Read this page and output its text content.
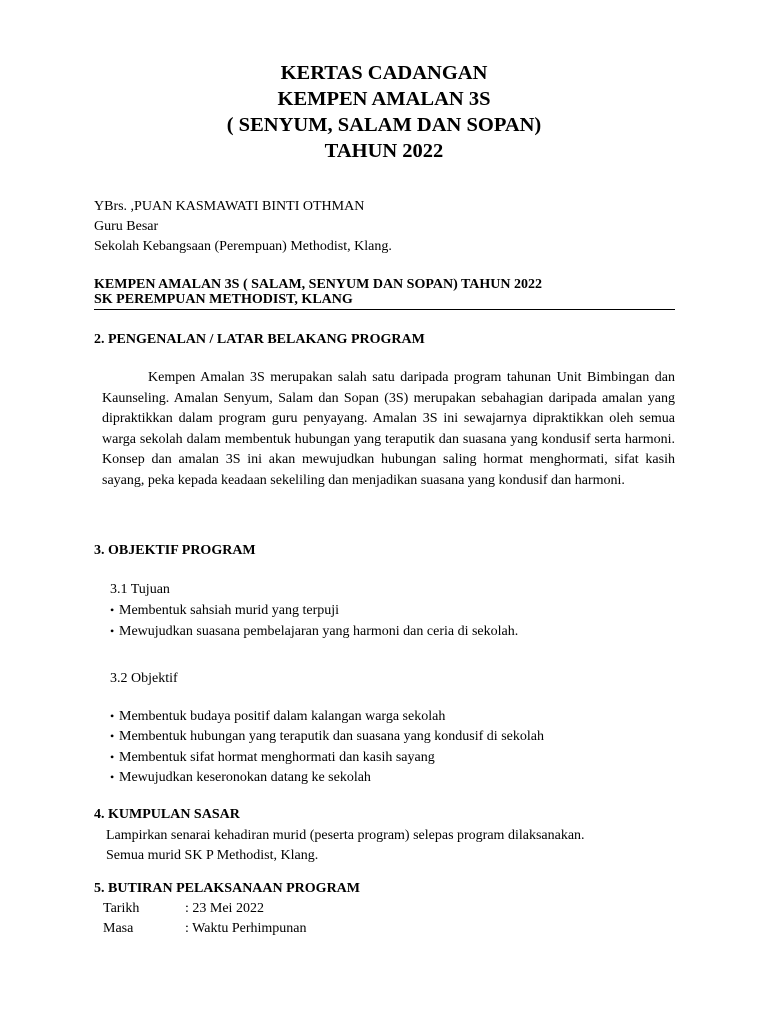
KERTAS CADANGAN
KEMPEN AMALAN 3S
( SENYUM, SALAM DAN SOPAN)
TAHUN 2022
YBrs. ,PUAN KASMAWATI BINTI OTHMAN
Guru Besar
Sekolah Kebangsaan (Perempuan) Methodist, Klang.
KEMPEN AMALAN 3S ( SALAM, SENYUM DAN SOPAN) TAHUN 2022
SK PEREMPUAN METHODIST, KLANG
2. PENGENALAN / LATAR BELAKANG PROGRAM
Kempen Amalan 3S merupakan salah satu daripada program tahunan Unit Bimbingan dan Kaunseling. Amalan Senyum, Salam dan Sopan (3S) merupakan sebahagian daripada amalan yang dipraktikkan dalam program guru penyayang. Amalan 3S ini sewajarnya dipraktikkan oleh semua warga sekolah dalam membentuk hubungan yang teraputik dan suasana yang kondusif serta harmoni. Konsep dan amalan 3S ini akan mewujudkan hubungan saling hormat menghormati, sifat kasih sayang, peka kepada keadaan sekeliling dan menjadikan suasana yang kondusif dan harmoni.
3. OBJEKTIF PROGRAM
3.1 Tujuan
• Membentuk sahsiah murid yang terpuji
• Mewujudkan suasana pembelajaran yang harmoni dan ceria di sekolah.
3.2 Objektif
• Membentuk budaya positif dalam kalangan warga sekolah
• Membentuk hubungan yang teraputik dan suasana yang kondusif di sekolah
• Membentuk sifat hormat menghormati dan kasih sayang
• Mewujudkan keseronokan datang ke sekolah
4. KUMPULAN SASAR
Lampirkan senarai kehadiran murid (peserta program) selepas program dilaksanakan.
Semua murid SK P Methodist, Klang.
5. BUTIRAN PELAKSANAAN PROGRAM
Tarikh	: 23 Mei 2022
Masa	: Waktu Perhimpunan
